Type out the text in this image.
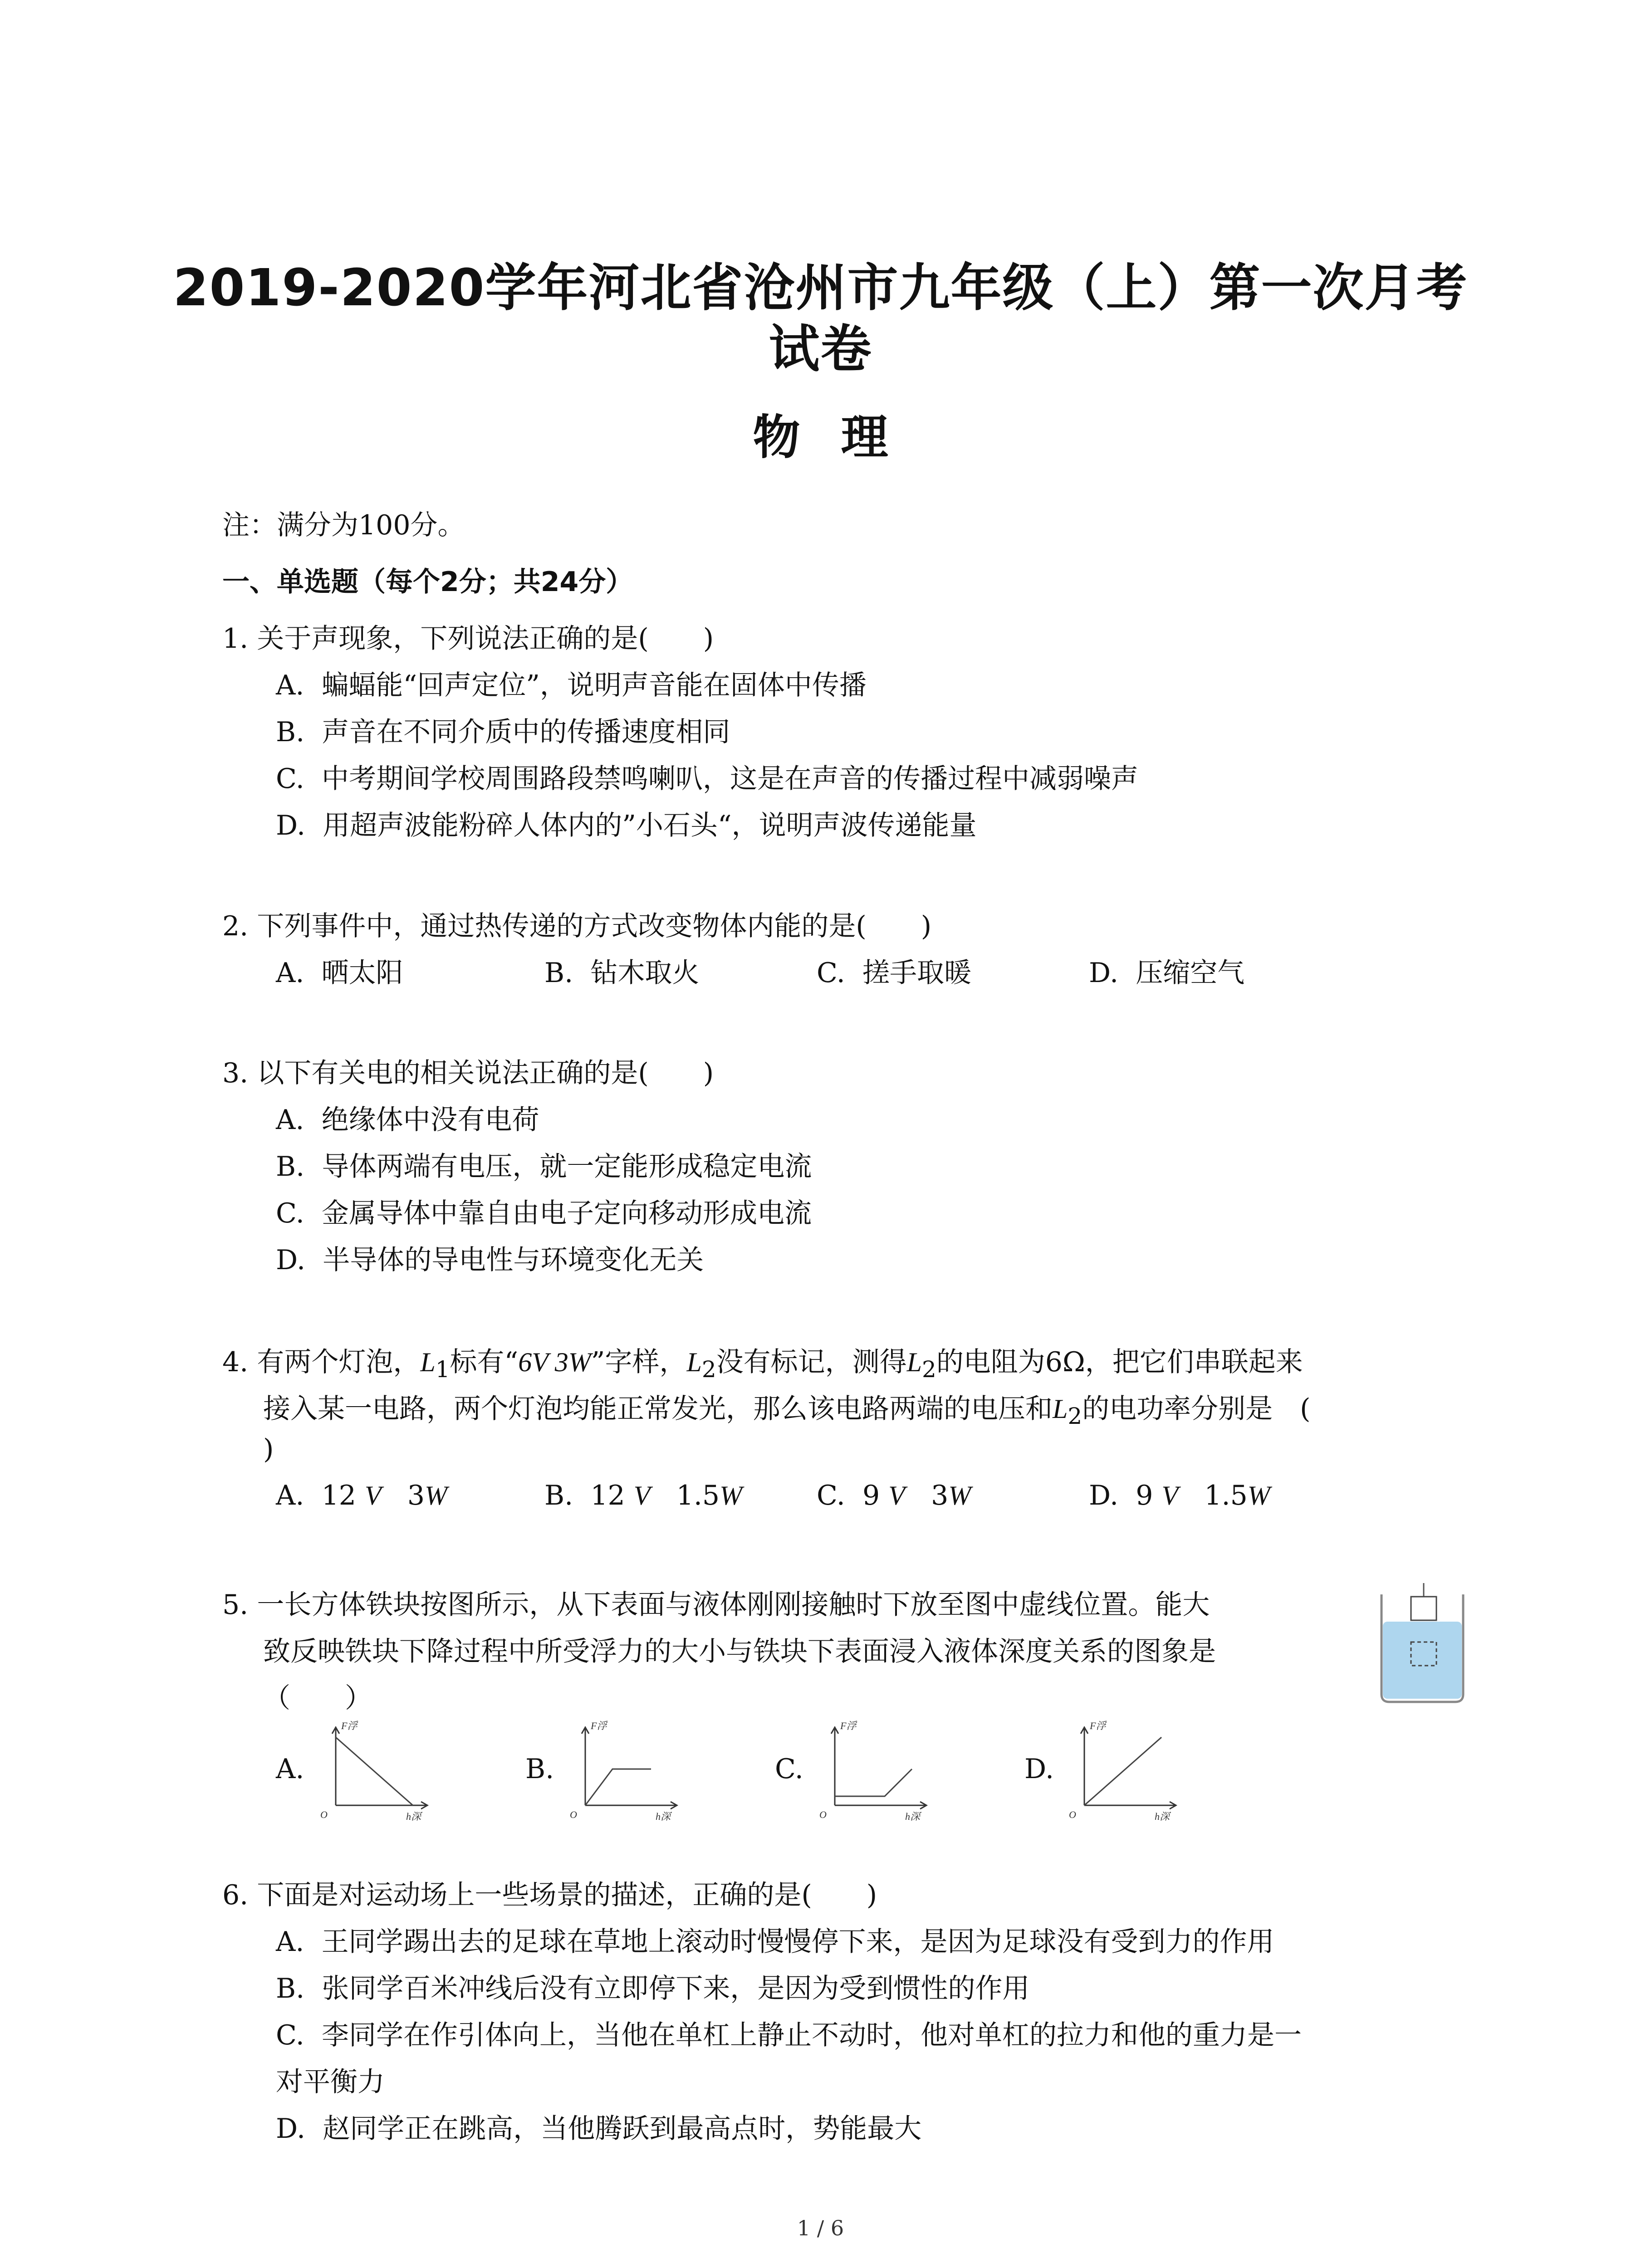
2019-2020学年河北省沧州市九年级（上）第一次月考
试卷
物理
注：满分为100分。
一、单选题（每个2分；共24分）
1. 关于声现象，下列说法正确的是(　　)
A. 蝙蝠能“回声定位”，说明声音能在固体中传播
B. 声音在不同介质中的传播速度相同
C. 中考期间学校周围路段禁鸣喇叭，这是在声音的传播过程中减弱噪声
D. 用超声波能粉碎人体内的”小石头“，说明声波传递能量
2. 下列事件中，通过热传递的方式改变物体内能的是(　　)
A. 晒太阳	B. 钻木取火	C. 搓手取暖	D. 压缩空气
3. 以下有关电的相关说法正确的是(　　)
A. 绝缘体中没有电荷
B. 导体两端有电压，就一定能形成稳定电流
C. 金属导体中靠自由电子定向移动形成电流
D. 半导体的导电性与环境变化无关
4. 有两个灯泡，$L_1$标有“6V 3W”字样，$L_2$没有标记，测得$L_2$的电阻为6Ω，把它们串联起来
接入某一电路，两个灯泡均能正常发光，那么该电路两端的电压和$L_2$的电功率分别是　(
)
A. 12 V 3W	B. 12 V 1.5W	C. 9 V 3W	D. 9 V 1.5W
5. 一长方体铁块按图所示，从下表面与液体刚刚接触时下放至图中虚线位置。能大
致反映铁块下降过程中所受浮力的大小与铁块下表面浸入液体深度关系的图象是
（　　）
A.
F浮
h深
O
B.
F浮
h深
O
C.
F浮
h深
O
D.
F浮
h深
O
6. 下面是对运动场上一些场景的描述，正确的是(　　)
A. 王同学踢出去的足球在草地上滚动时慢慢停下来，是因为足球没有受到力的作用
B. 张同学百米冲线后没有立即停下来，是因为受到惯性的作用
C. 李同学在作引体向上，当他在单杠上静止不动时，他对单杠的拉力和他的重力是一
对平衡力
D. 赵同学正在跳高，当他腾跃到最高点时，势能最大
1 / 6
